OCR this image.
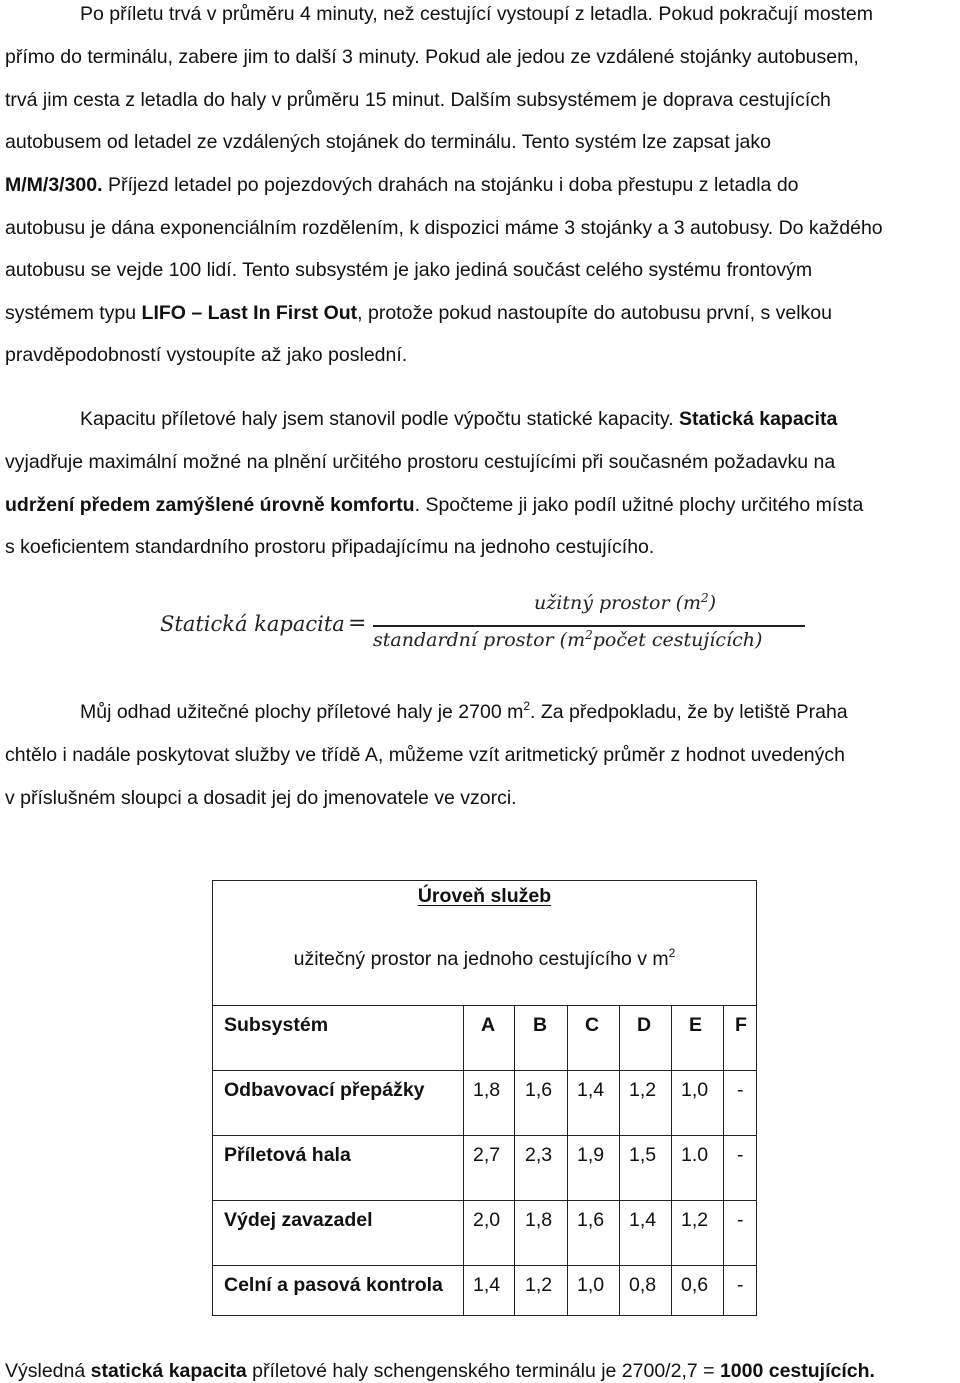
Po příletu trvá v průměru 4 minuty, než cestující vystoupí z letadla. Pokud pokračují mostem
přímo do terminálu, zabere jim to další 3 minuty. Pokud ale jedou ze vzdálené stojánky autobusem,
trvá jim cesta z letadla do haly v průměru 15 minut. Dalším subsystémem je doprava cestujících
autobusem od letadel ze vzdálených stojánek do terminálu. Tento systém lze zapsat jako
M/M/3/300. Příjezd letadel po pojezdových drahách na stojánku i doba přestupu z letadla do
autobusu je dána exponenciálním rozdělením, k dispozici máme 3 stojánky a 3 autobusy. Do každého
autobusu se vejde 100 lidí. Tento subsystém je jako jediná součást celého systému frontovým
systémem typu LIFO – Last In First Out, protože pokud nastoupíte do autobusu první, s velkou
pravděpodobností vystoupíte až jako poslední.
Kapacitu příletové haly jsem stanovil podle výpočtu statické kapacity. Statická kapacita
vyjadřuje maximální možné na plnění určitého prostoru cestujícími při současném požadavku na
udržení předem zamýšlené úrovně komfortu. Spočteme ji jako podíl užitné plochy určitého místa
s koeficientem standardního prostoru připadajícímu na jednoho cestujícího.
Statická kapacita =
užitný prostor $(m^2)$
standardní prostor ($m^2počet$ cestujících)
Můj odhad užitečné plochy příletové haly je 2700 $m^2$. Za předpokladu, že by letiště Praha
chtělo i nadále poskytovat služby ve třídě A, můžeme vzít aritmetický průměr z hodnot uvedených
v příslušném sloupci a dosadit jej do jmenovatele ve vzorci.
Úroveň služeb
užitečný prostor na jednoho cestujícího v $m^2$
Subsystém	A B C D E F
Odbavovací přepážky 1,8 1,6 1,4 1,2 1,0 -
Příletová hala	2,7 2,3 1,9 1,5 1.0 -
Výdej zavazadel	2,0 1,8 1,6 1,4 1,2 -
Celní a pasová kontrola 1,4 1,2 1,0 0,8 0,6 -
Výsledná statická kapacita příletové haly schengenského terminálu je 2700/2,7 = 1000 cestujících.
